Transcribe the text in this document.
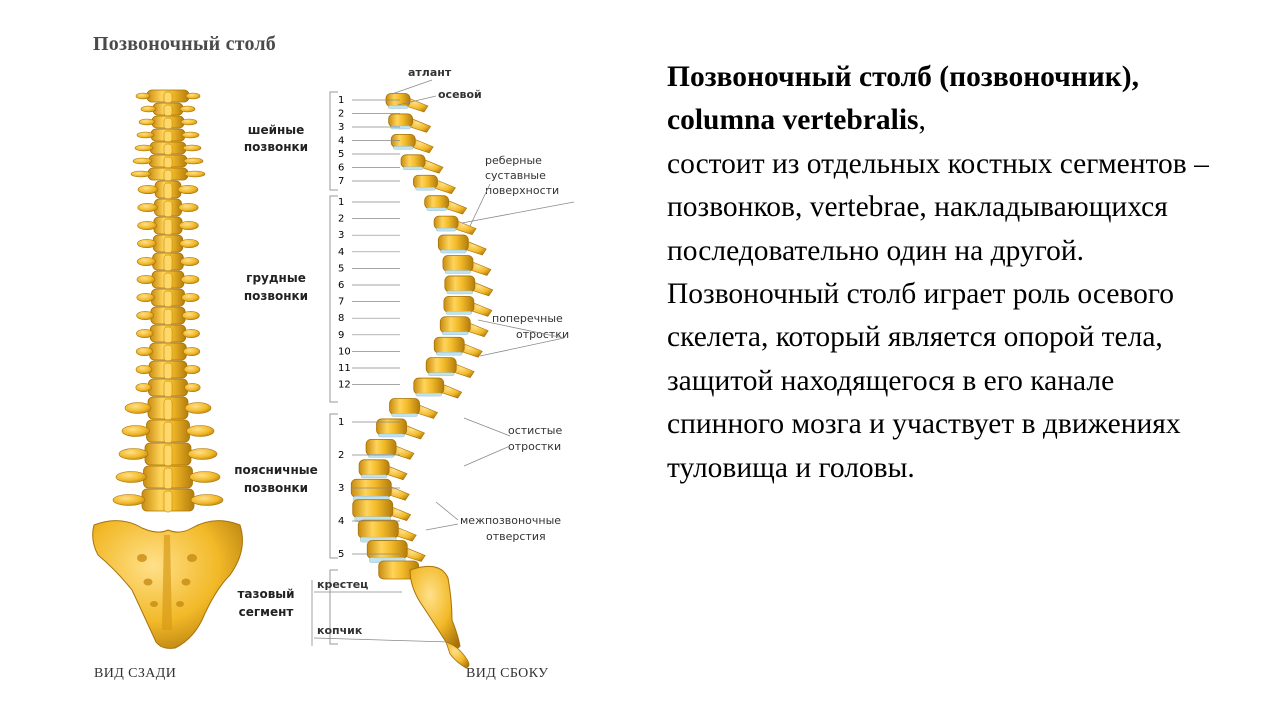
Позвоночный столб
1
2
3
4
5
6
7
1
2
3
4
5
6
7
8
9
10
11
12
1
2
3
4
5
шейные
позвонки
грудные
позвонки
поясничные
позвонки
тазовый
сегмент
атлант
осевой
реберные
суставные
поверхности
поперечные
отростки
остистые
отростки
межпозвоночные
отверстия
крестец
копчик
ВИД СЗАДИ	ВИД СБОКУ
Позвоночный столб (позвоночник), columna vertebralis,
состоит из отдельных костных сегментов – позвонков, vertebrae, накладывающихся последовательно один на другой. Позвоночный столб играет роль осевого скелета, который является опорой тела, защитой находящегося в его канале спинного мозга и участвует в движениях туловища и головы.
